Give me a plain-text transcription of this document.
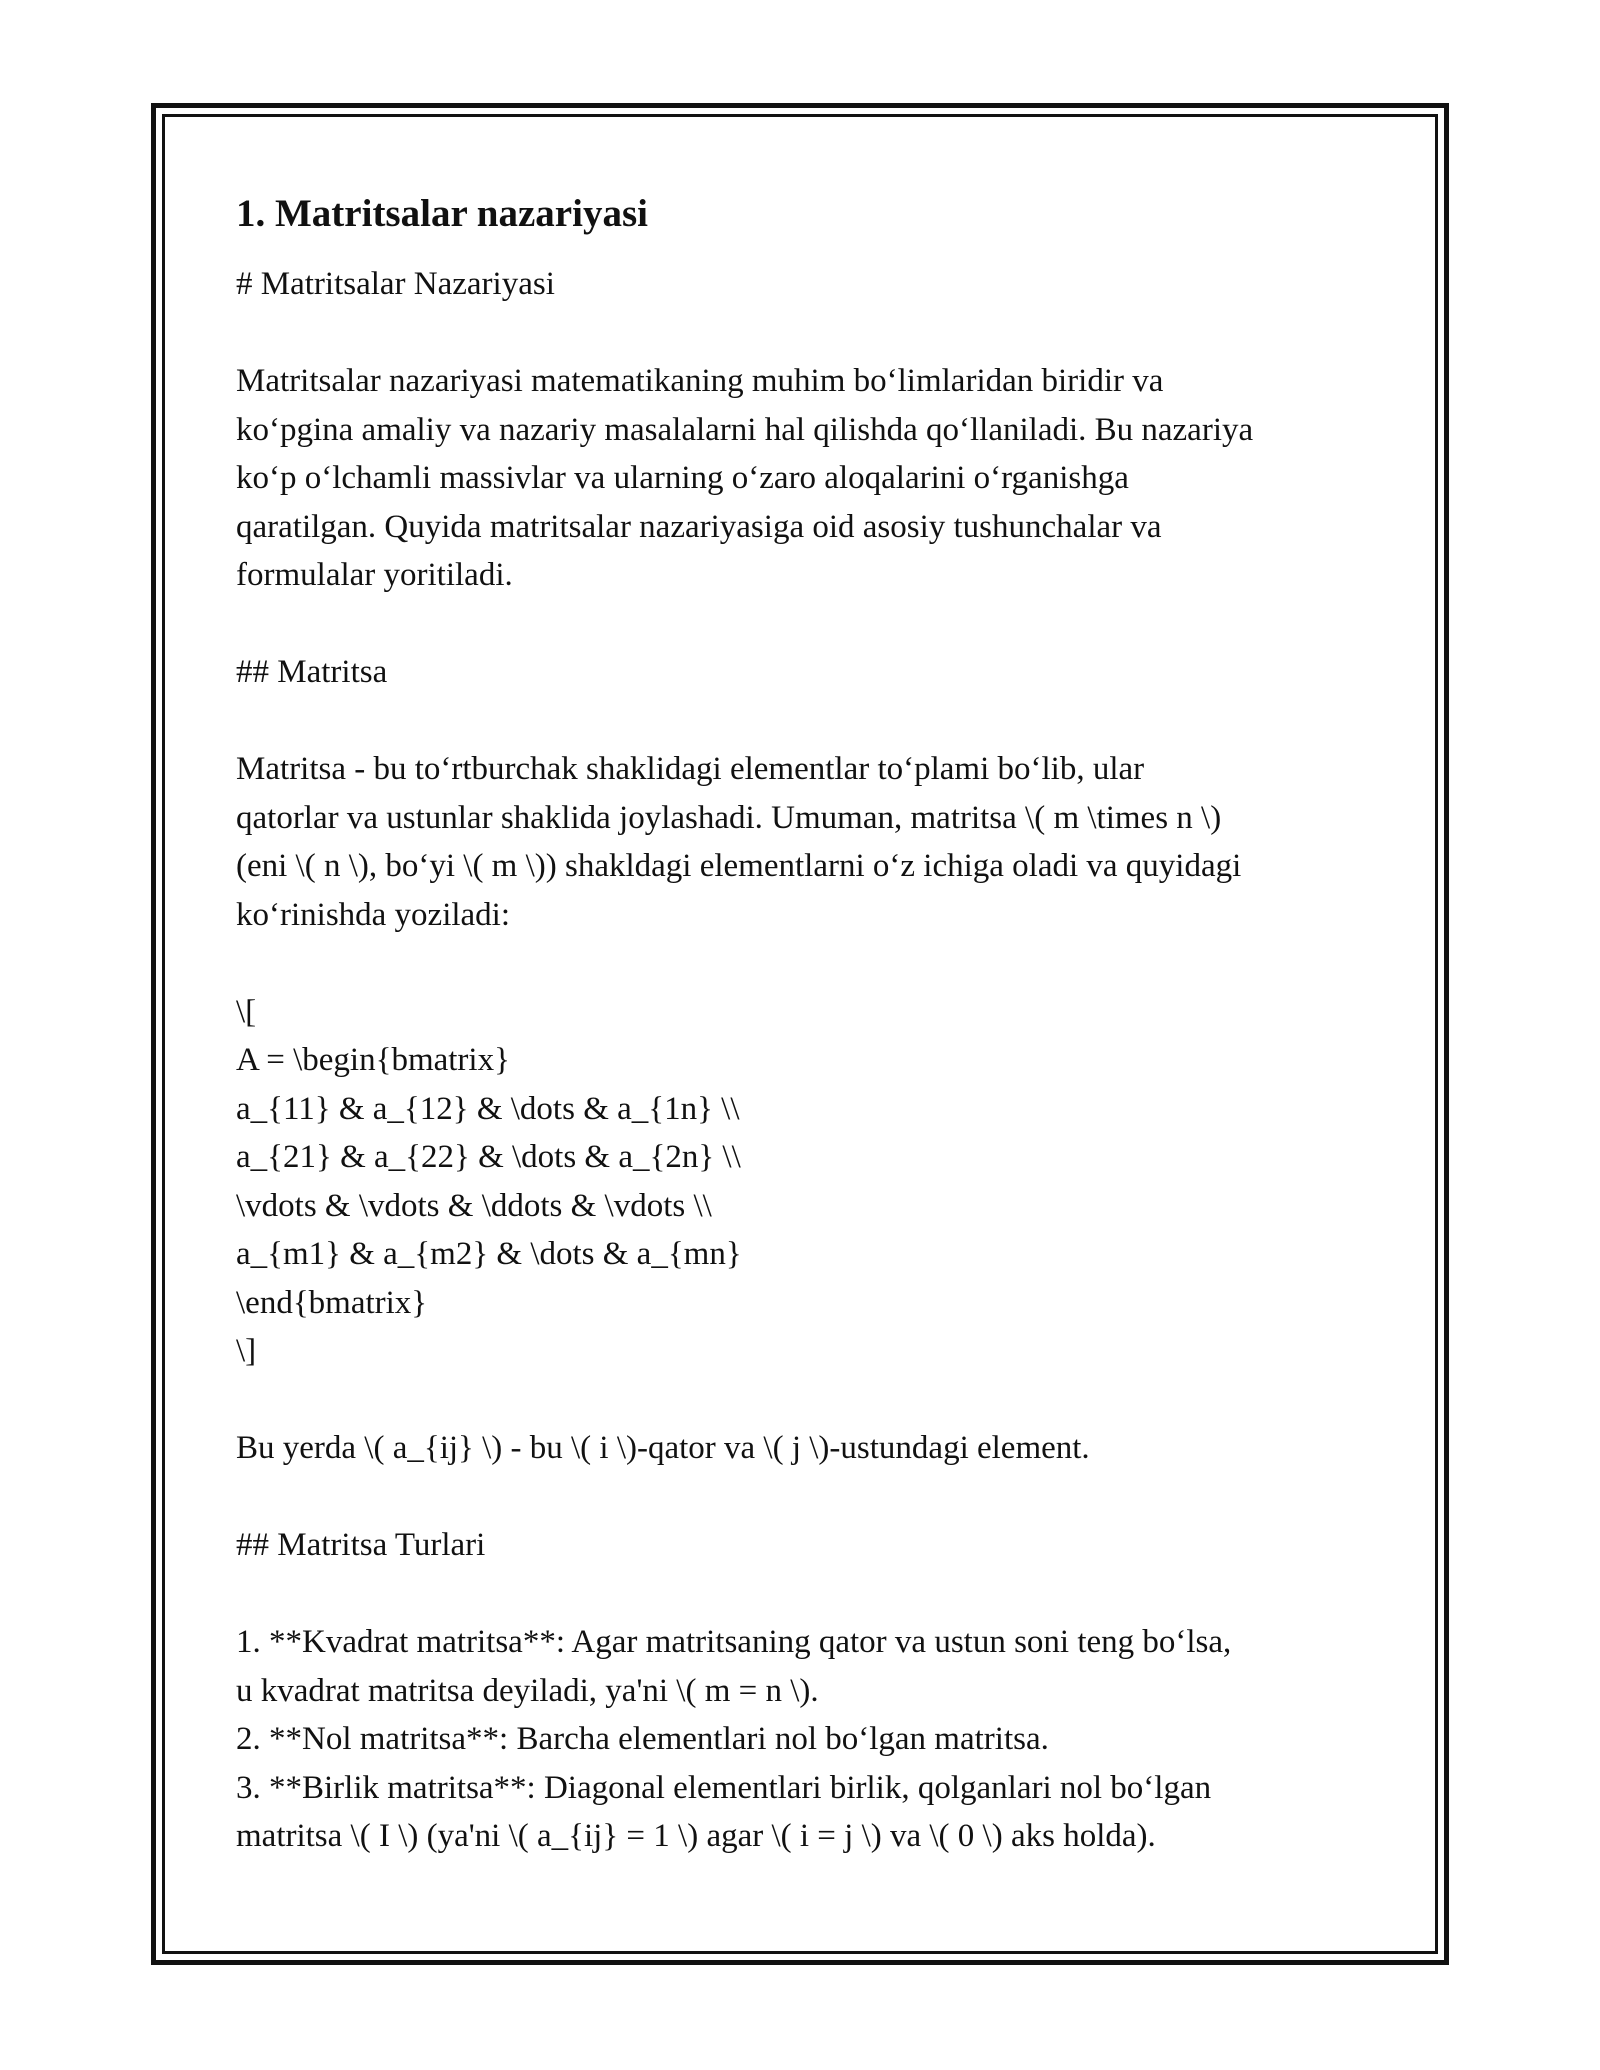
1. Matritsalar nazariyasi
# Matritsalar Nazariyasi
Matritsalar nazariyasi matematikaning muhim bo‘limlaridan biridir va
ko‘pgina amaliy va nazariy masalalarni hal qilishda qo‘llaniladi. Bu nazariya
ko‘p o‘lchamli massivlar va ularning o‘zaro aloqalarini o‘rganishga
qaratilgan. Quyida matritsalar nazariyasiga oid asosiy tushunchalar va
formulalar yoritiladi.
## Matritsa
Matritsa - bu to‘rtburchak shaklidagi elementlar to‘plami bo‘lib, ular
qatorlar va ustunlar shaklida joylashadi. Umuman, matritsa \( m \times n \)
(eni \( n \), bo‘yi \( m \)) shakldagi elementlarni o‘z ichiga oladi va quyidagi
ko‘rinishda yoziladi:
\[
A = \begin{bmatrix}
a_{11} & a_{12} & \dots & a_{1n} \\
a_{21} & a_{22} & \dots & a_{2n} \\
\vdots & \vdots & \ddots & \vdots \\
a_{m1} & a_{m2} & \dots & a_{mn}
\end{bmatrix}
\]
Bu yerda \( a_{ij} \) - bu \( i \)-qator va \( j \)-ustundagi element.
## Matritsa Turlari
1. **Kvadrat matritsa**: Agar matritsaning qator va ustun soni teng bo‘lsa,
u kvadrat matritsa deyiladi, ya'ni \( m = n \).
2. **Nol matritsa**: Barcha elementlari nol bo‘lgan matritsa.
3. **Birlik matritsa**: Diagonal elementlari birlik, qolganlari nol bo‘lgan
matritsa \( I \) (ya'ni \( a_{ij} = 1 \) agar \( i = j \) va \( 0 \) aks holda).
